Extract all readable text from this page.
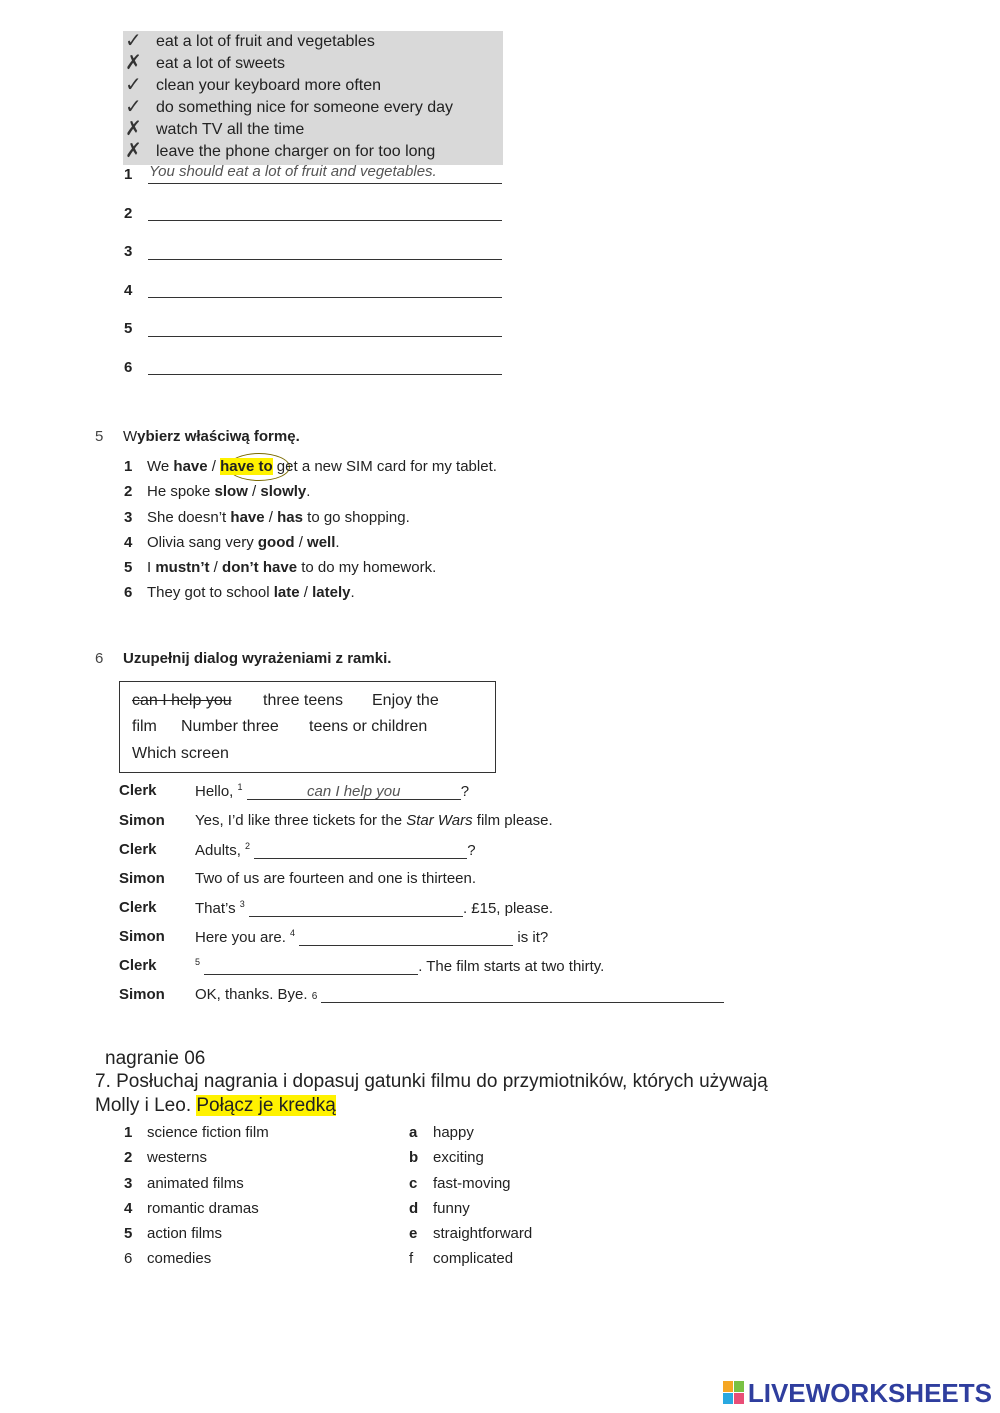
✓ eat a lot of fruit and vegetables
✗ eat a lot of sweets
✓ clean your keyboard more often
✓ do something nice for someone every day
✗ watch TV all the time
✗ leave the phone charger on for too long
1 You should eat a lot of fruit and vegetables.
2
3
4
5
6
5 Wybierz właściwą formę.
1 We have / have to get a new SIM card for my tablet.
2 He spoke slow / slowly.
3 She doesn’t have / has to go shopping.
4 Olivia sang very good / well.
5 I mustn’t / don’t have to do my homework.
6 They got to school late / lately.
6 Uzupełnij dialog wyrażeniami z ramki.
can I help you three teens Enjoy the
film Number three teens or children
Which screen
Clerk	Hello, $^1$	can I help you	?
Simon Yes, I’d like three tickets for the Star Wars film please.
Clerk	Adults, $^2$	?
Simon Two of us are fourteen and one is thirteen.
Clerk	That’s $^3$	. £15, please.
Simon Here you are. $^4$	is it?
Clerk	$^5$	. The film starts at two thirty.
Simon OK, thanks. Bye. 6
nagranie 06
7. Posłuchaj nagrania i dopasuj gatunki filmu do przymiotników, których używają
Molly i Leo. Połącz je kredką
1 science fiction film
2 westerns
3 animated films
4 romantic dramas
5 action films
6 comedies
a happy
b exciting
c fast-moving
d funny
e straightforward
f complicated
LIVEWORKSHEETS
